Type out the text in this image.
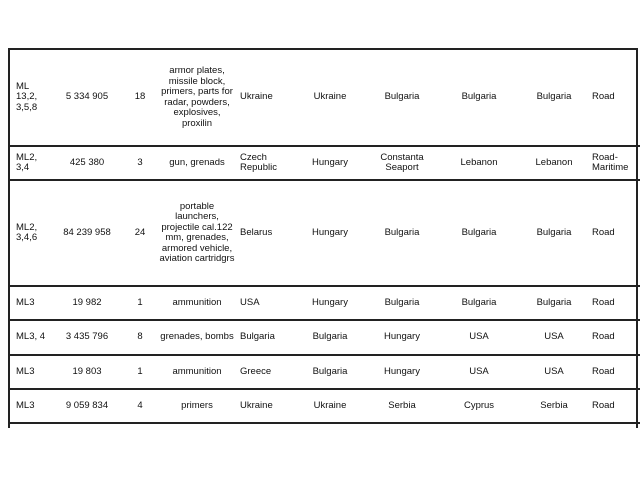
ML 13,2, 3,5,8	5 334 905	18	armor plates, missile block, primers, parts for radar, powders, explosives, proxilin	Ukraine	Ukraine	Bulgaria	Bulgaria	Bulgaria	Road
ML2, 3,4	425 380	3	gun, grenads	Czech Republic	Hungary	Constanta Seaport	Lebanon	Lebanon	Road-Maritime
ML2, 3,4,6	84 239 958	24	portable launchers, projectile cal.122 mm, grenades, armored vehicle, aviation cartridgrs	Belarus	Hungary	Bulgaria	Bulgaria	Bulgaria	Road
ML3	19 982	1	ammunition	USA	Hungary	Bulgaria	Bulgaria	Bulgaria	Road
ML3, 4	3 435 796	8	grenades, bombs	Bulgaria	Bulgaria	Hungary	USA	USA	Road
ML3	19 803	1	ammunition	Greece	Bulgaria	Hungary	USA	USA	Road
ML3	9 059 834	4	primers	Ukraine	Ukraine	Serbia	Cyprus	Serbia	Road
